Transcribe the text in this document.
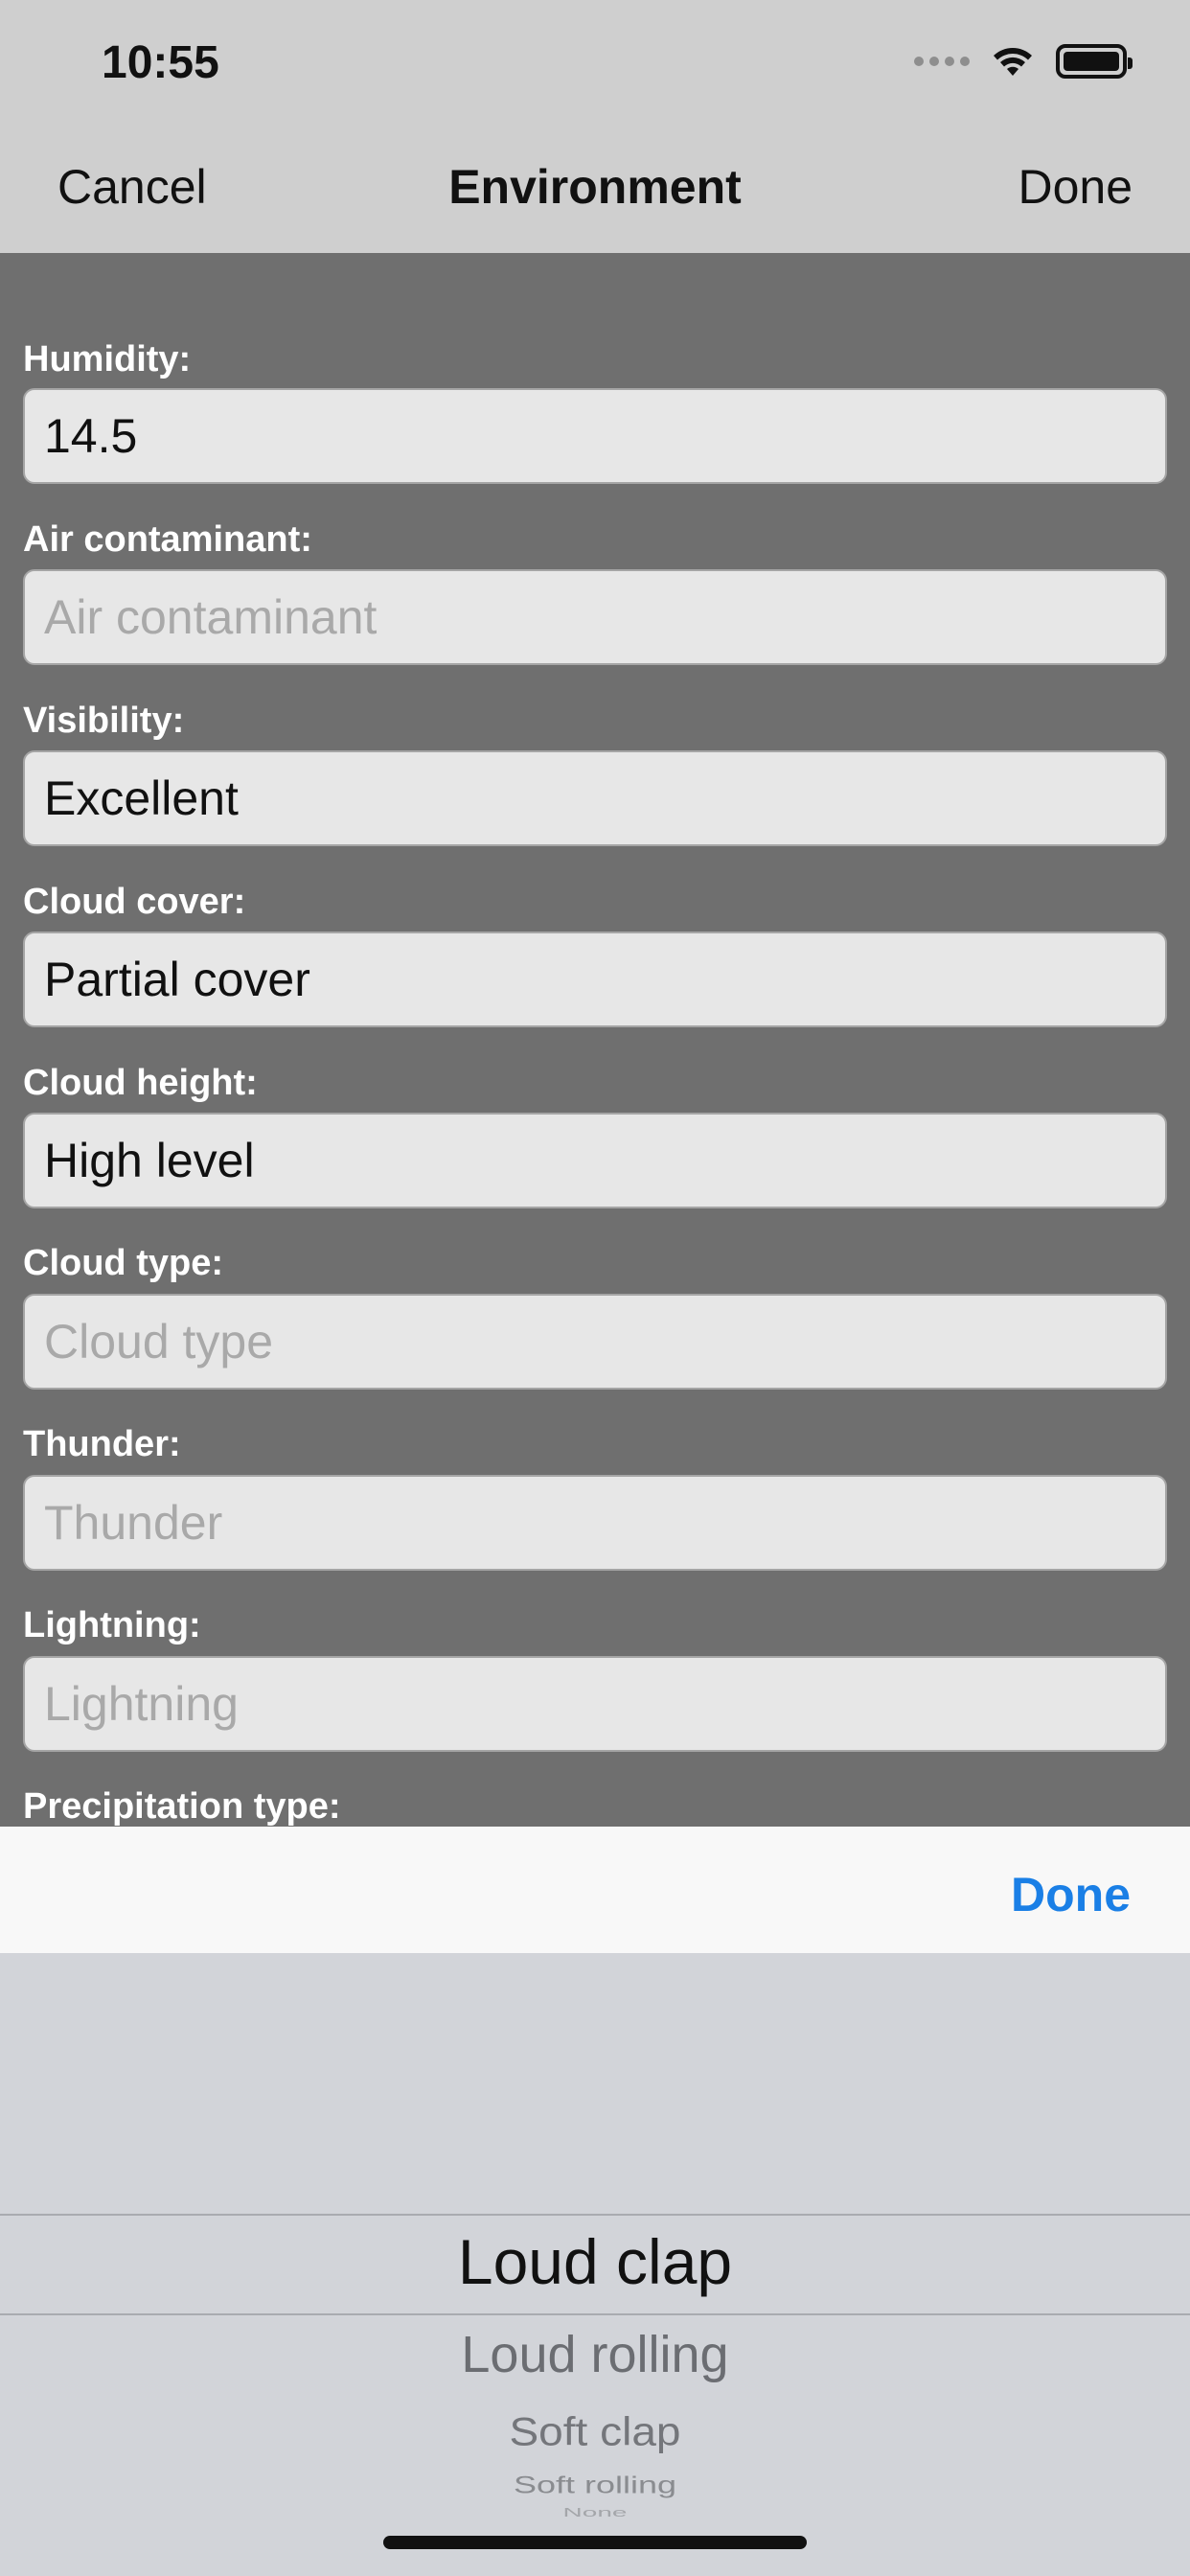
10:55
Cancel	Environment	Done
Humidity:
14.5
Air contaminant:
Air contaminant
Visibility:
Excellent
Cloud cover:
Partial cover
Cloud height:
High level
Cloud type:
Cloud type
Thunder:
Thunder
Lightning:
Lightning
Precipitation type:
Done
Loud clap
Loud rolling
Soft clap
Soft rolling
None
